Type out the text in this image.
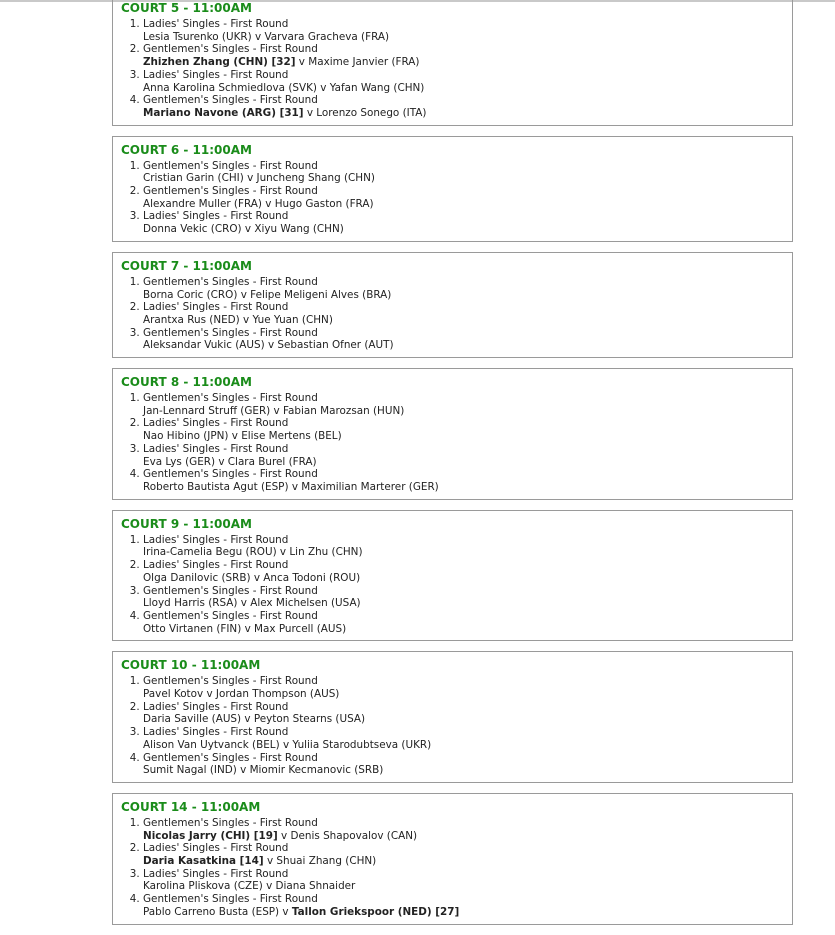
COURT 5 - 11:00AM
1. Ladies' Singles - First Round
Lesia Tsurenko (UKR) v Varvara Gracheva (FRA)
2. Gentlemen's Singles - First Round
Zhizhen Zhang (CHN) [32] v Maxime Janvier (FRA)
3. Ladies' Singles - First Round
Anna Karolina Schmiedlova (SVK) v Yafan Wang (CHN)
4. Gentlemen's Singles - First Round
Mariano Navone (ARG) [31] v Lorenzo Sonego (ITA)
COURT 6 - 11:00AM
1. Gentlemen's Singles - First Round
Cristian Garin (CHI) v Juncheng Shang (CHN)
2. Gentlemen's Singles - First Round
Alexandre Muller (FRA) v Hugo Gaston (FRA)
3. Ladies' Singles - First Round
Donna Vekic (CRO) v Xiyu Wang (CHN)
COURT 7 - 11:00AM
1. Gentlemen's Singles - First Round
Borna Coric (CRO) v Felipe Meligeni Alves (BRA)
2. Ladies' Singles - First Round
Arantxa Rus (NED) v Yue Yuan (CHN)
3. Gentlemen's Singles - First Round
Aleksandar Vukic (AUS) v Sebastian Ofner (AUT)
COURT 8 - 11:00AM
1. Gentlemen's Singles - First Round
Jan-Lennard Struff (GER) v Fabian Marozsan (HUN)
2. Ladies' Singles - First Round
Nao Hibino (JPN) v Elise Mertens (BEL)
3. Ladies' Singles - First Round
Eva Lys (GER) v Clara Burel (FRA)
4. Gentlemen's Singles - First Round
Roberto Bautista Agut (ESP) v Maximilian Marterer (GER)
COURT 9 - 11:00AM
1. Ladies' Singles - First Round
Irina-Camelia Begu (ROU) v Lin Zhu (CHN)
2. Ladies' Singles - First Round
Olga Danilovic (SRB) v Anca Todoni (ROU)
3. Gentlemen's Singles - First Round
Lloyd Harris (RSA) v Alex Michelsen (USA)
4. Gentlemen's Singles - First Round
Otto Virtanen (FIN) v Max Purcell (AUS)
COURT 10 - 11:00AM
1. Gentlemen's Singles - First Round
Pavel Kotov v Jordan Thompson (AUS)
2. Ladies' Singles - First Round
Daria Saville (AUS) v Peyton Stearns (USA)
3. Ladies' Singles - First Round
Alison Van Uytvanck (BEL) v Yuliia Starodubtseva (UKR)
4. Gentlemen's Singles - First Round
Sumit Nagal (IND) v Miomir Kecmanovic (SRB)
COURT 14 - 11:00AM
1. Gentlemen's Singles - First Round
Nicolas Jarry (CHI) [19] v Denis Shapovalov (CAN)
2. Ladies' Singles - First Round
Daria Kasatkina [14] v Shuai Zhang (CHN)
3. Ladies' Singles - First Round
Karolina Pliskova (CZE) v Diana Shnaider
4. Gentlemen's Singles - First Round
Pablo Carreno Busta (ESP) v Tallon Griekspoor (NED) [27]
